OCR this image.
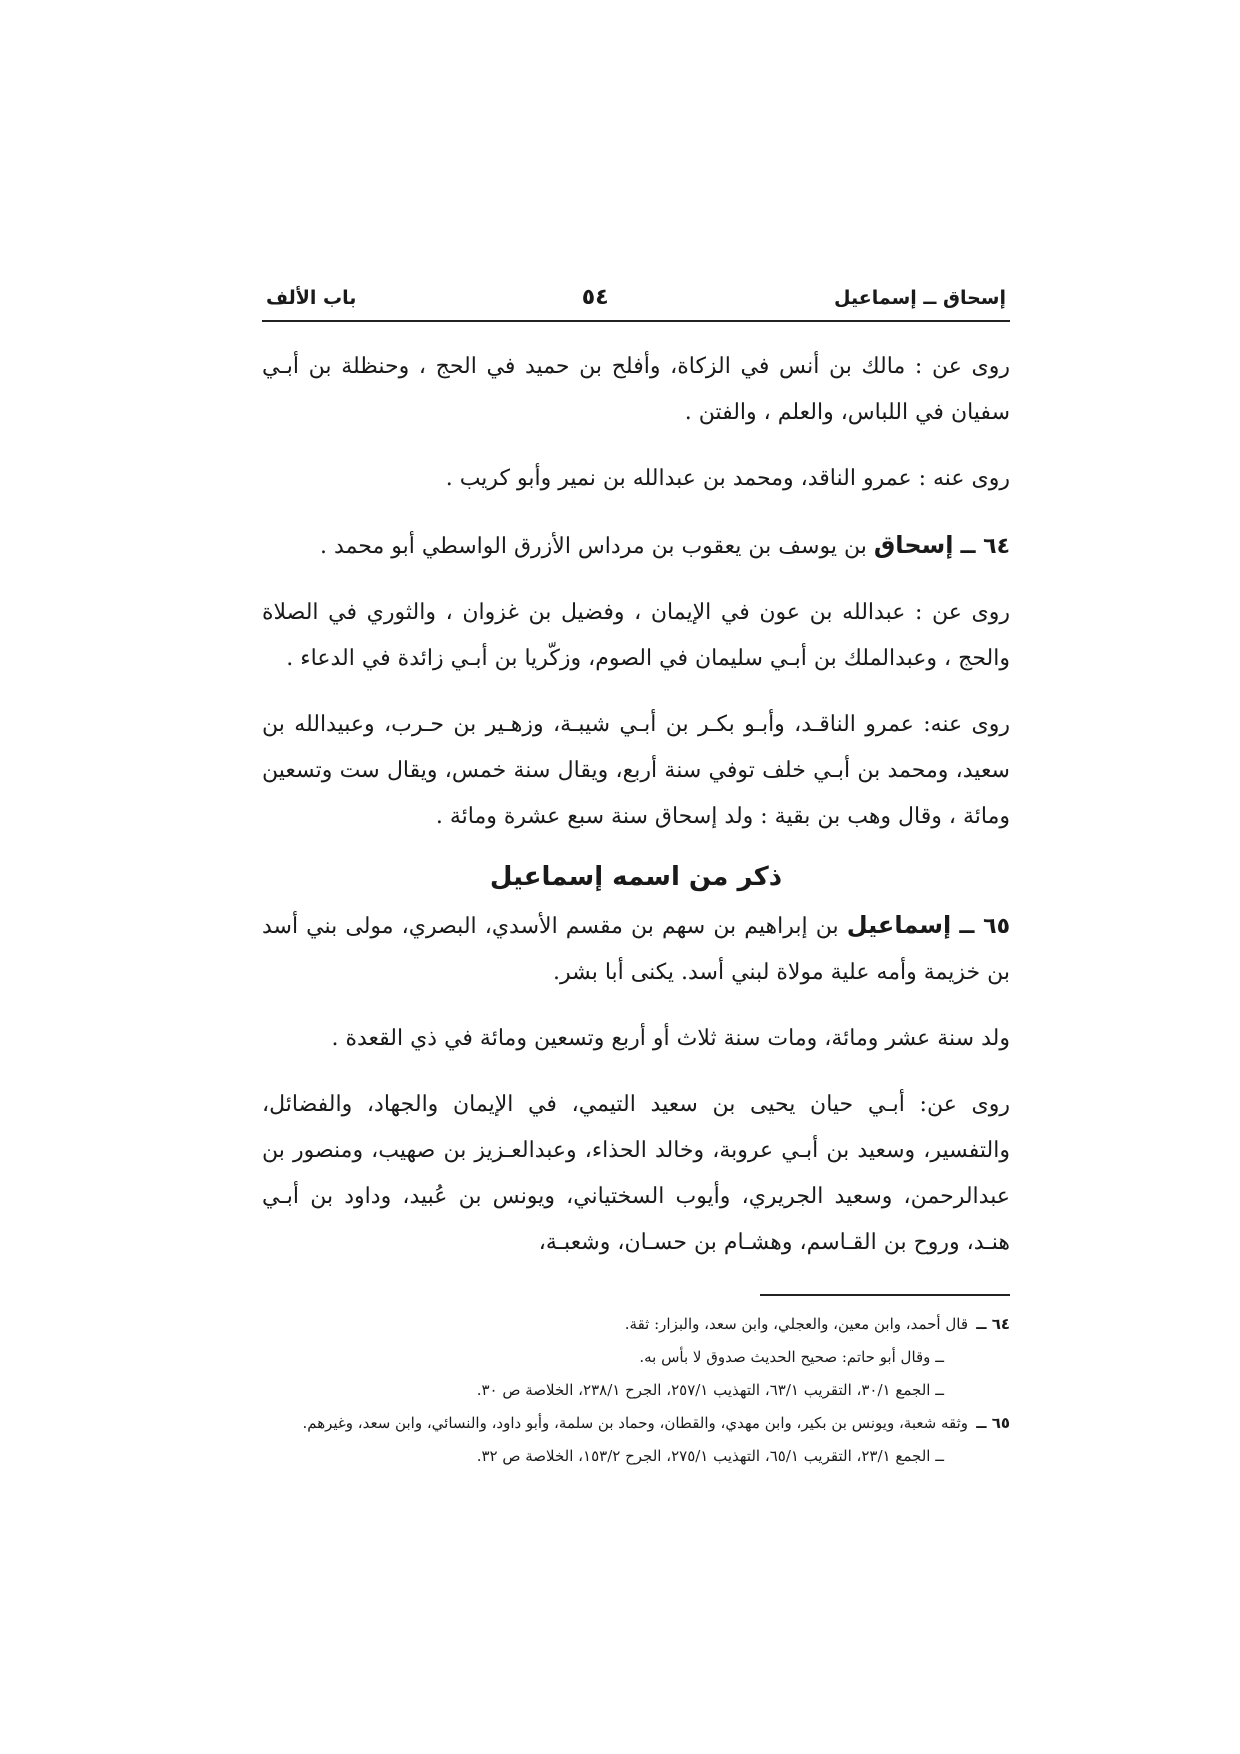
إسحاق ــ إسماعيل
٥٤
باب الألف

روى عن : مالك بن أنس في الزكاة، وأفلح بن حميد في الحج ، وحنظلة بن أبـي سفيان في اللباس، والعلم ، والفتن .

روى عنه : عمرو الناقد، ومحمد بن عبدالله بن نمير وأبو كريب .

٦٤ ــ إسحاق بن يوسف بن يعقوب بن مرداس الأزرق الواسطي أبو محمد .

روى عن : عبدالله بن عون في الإيمان ، وفضيل بن غزوان ، والثوري في الصلاة والحج ، وعبدالملك بن أبـي سليمان في الصوم، وزكّريا بن أبـي زائدة في الدعاء .

روى عنه: عمرو الناقـد، وأبـو بكـر بن أبـي شيبـة، وزهـير بن حـرب، وعبيدالله بن سعيد، ومحمد بن أبـي خلف توفي سنة أربع، ويقال سنة خمس، ويقال ست وتسعين ومائة ، وقال وهب بن بقية : ولد إسحاق سنة سبع عشرة ومائة .

ذكر من اسمه إسماعيل

٦٥ ــ إسماعيل بن إبراهيم بن سهم بن مقسم الأسدي، البصري، مولى بني أسد بن خزيمة وأمه علية مولاة لبني أسد. يكنى أبا بشر.

ولد سنة عشر ومائة، ومات سنة ثلاث أو أربع وتسعين ومائة في ذي القعدة .

روى عن: أبـي حيان يحيى بن سعيد التيمي، في الإيمان والجهاد، والفضائل، والتفسير، وسعيد بن أبـي عروبة، وخالد الحذاء، وعبدالعـزيز بن صهيب، ومنصور بن عبدالرحمن، وسعيد الجريري، وأيوب السختياني، ويونس بن عُبيد، وداود بن أبـي هنـد، وروح بن القـاسم، وهشـام بن حسـان، وشعبـة،

٦٤ ــ
قال أحمد، وابن معين، والعجلي، وابن سعد، والبزار: ثقة.
ــ وقال أبو حاتم: صحيح الحديث صدوق لا بأس به.
ــ الجمع ٣٠/١، التقريب ٦٣/١، التهذيب ٢٥٧/١، الجرح ٢٣٨/١، الخلاصة ص ٣٠.
٦٥ ــ
وثقه شعبة، ويونس بن بكير، وابن مهدي، والقطان، وحماد بن سلمة، وأبو داود، والنسائي، وابن سعد، وغيرهم.
ــ الجمع ٢٣/١، التقريب ٦٥/١، التهذيب ٢٧٥/١، الجرح ١٥٣/٢، الخلاصة ص ٣٢.
